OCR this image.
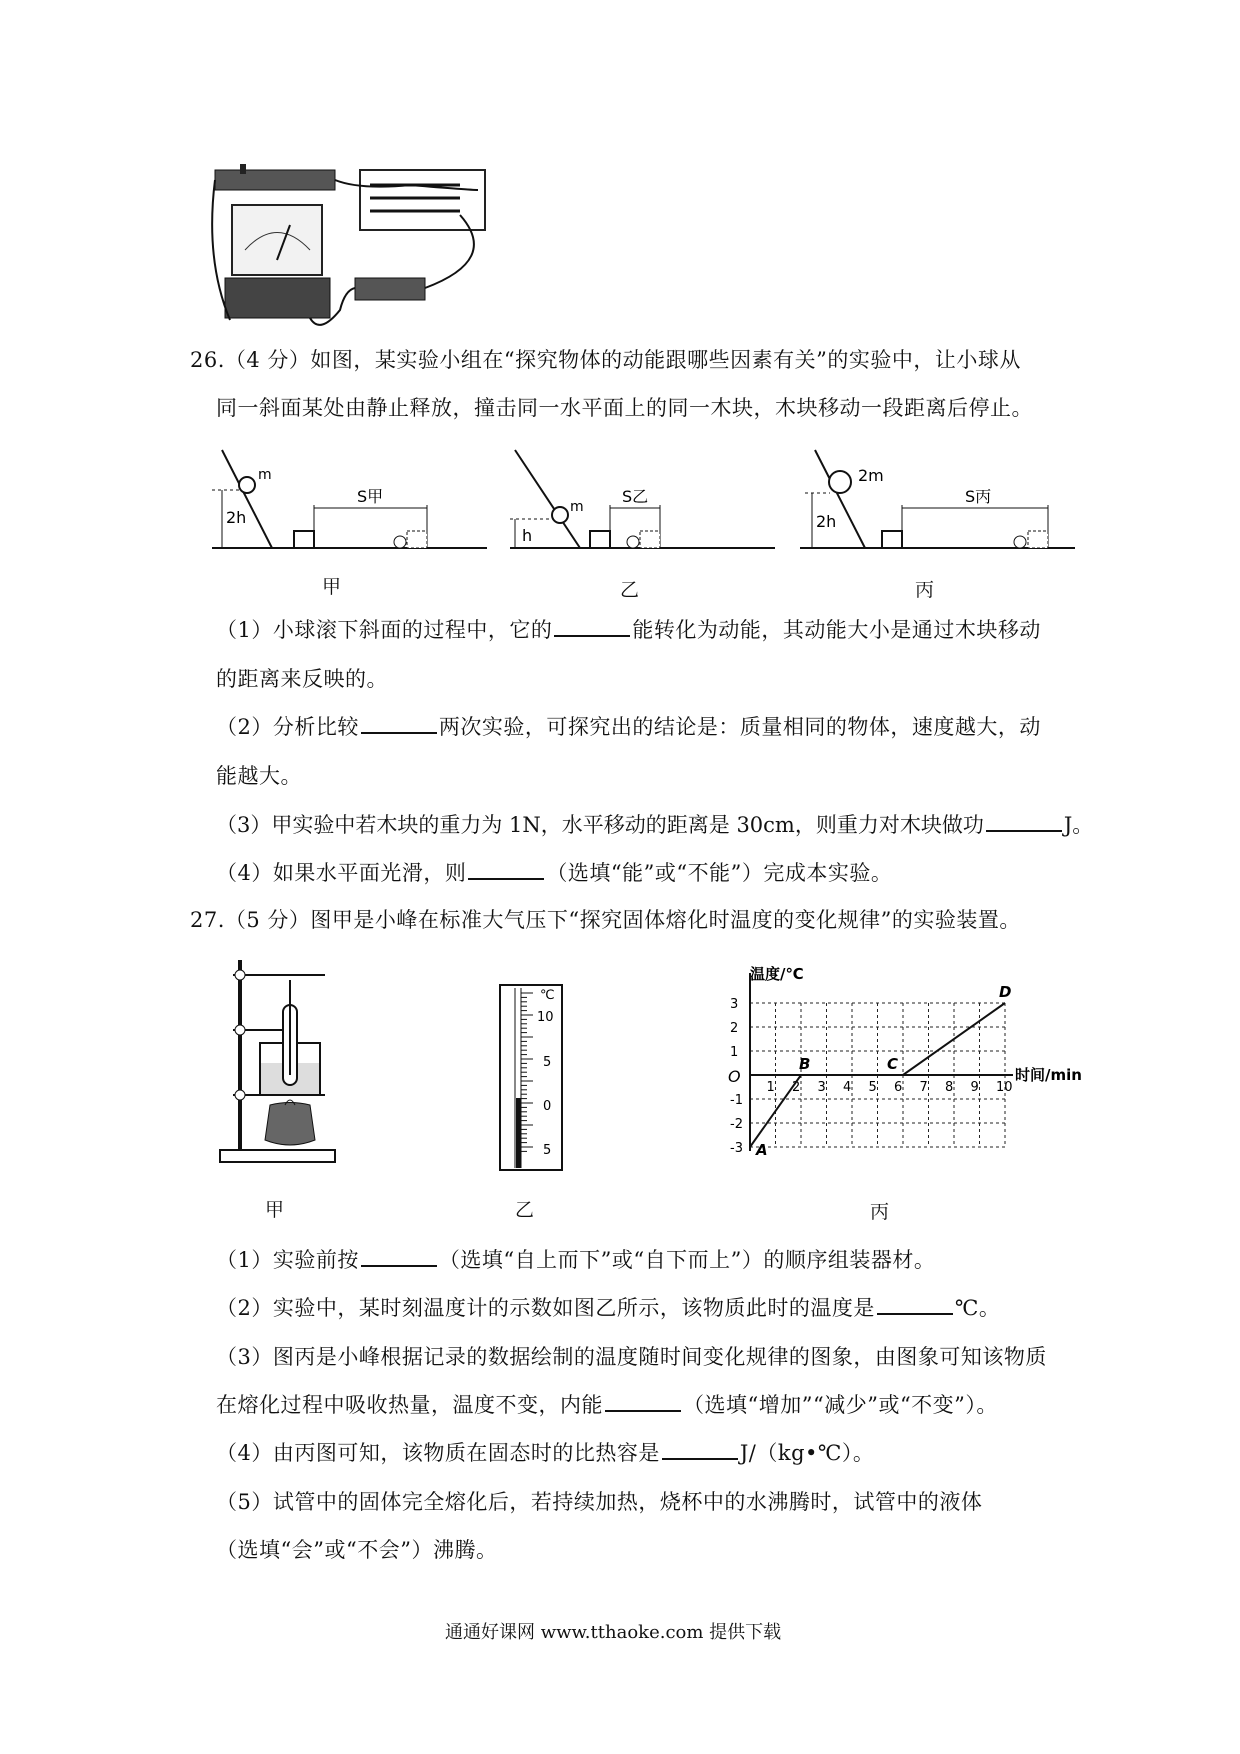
26.（4 分）如图，某实验小组在“探究物体的动能跟哪些因素有关”的实验中，让小球从
同一斜面某处由静止释放，撞击同一水平面上的同一木块，木块移动一段距离后停止。
m
2h
S甲
m
h
S乙
2m
2h
S丙
甲	乙	丙
（1）小球滚下斜面的过程中，它的	能转化为动能，其动能大小是通过木块移动
的距离来反映的。
（2）分析比较	两次实验，可探究出的结论是：质量相同的物体，速度越大，动
能越大。
（3）甲实验中若木块的重力为 1N，水平移动的距离是 30cm，则重力对木块做功	J。
（4）如果水平面光滑，则	（选填“能”或“不能”）完成本实验。
27.（5 分）图甲是小峰在标准大气压下“探究固体熔化时温度的变化规律”的实验装置。
℃
10
5
0
5
温度/℃
时间/min
O
1 2 3 4 5 6 7 8 9 10
3
2
1
-1
-2
-3 A
B	C
D
甲	乙	丙
（1）实验前按	（选填“自上而下”或“自下而上”）的顺序组装器材。
（2）实验中，某时刻温度计的示数如图乙所示，该物质此时的温度是	℃。
（3）图丙是小峰根据记录的数据绘制的温度随时间变化规律的图象，由图象可知该物质
在熔化过程中吸收热量，温度不变，内能	（选填“增加”“减少”或“不变”）。
（4）由丙图可知，该物质在固态时的比热容是	J/（kg•℃）。
（5）试管中的固体完全熔化后，若持续加热，烧杯中的水沸腾时，试管中的液体
（选填“会”或“不会”）沸腾。
通通好课网 www.tthaoke.com 提供下载
